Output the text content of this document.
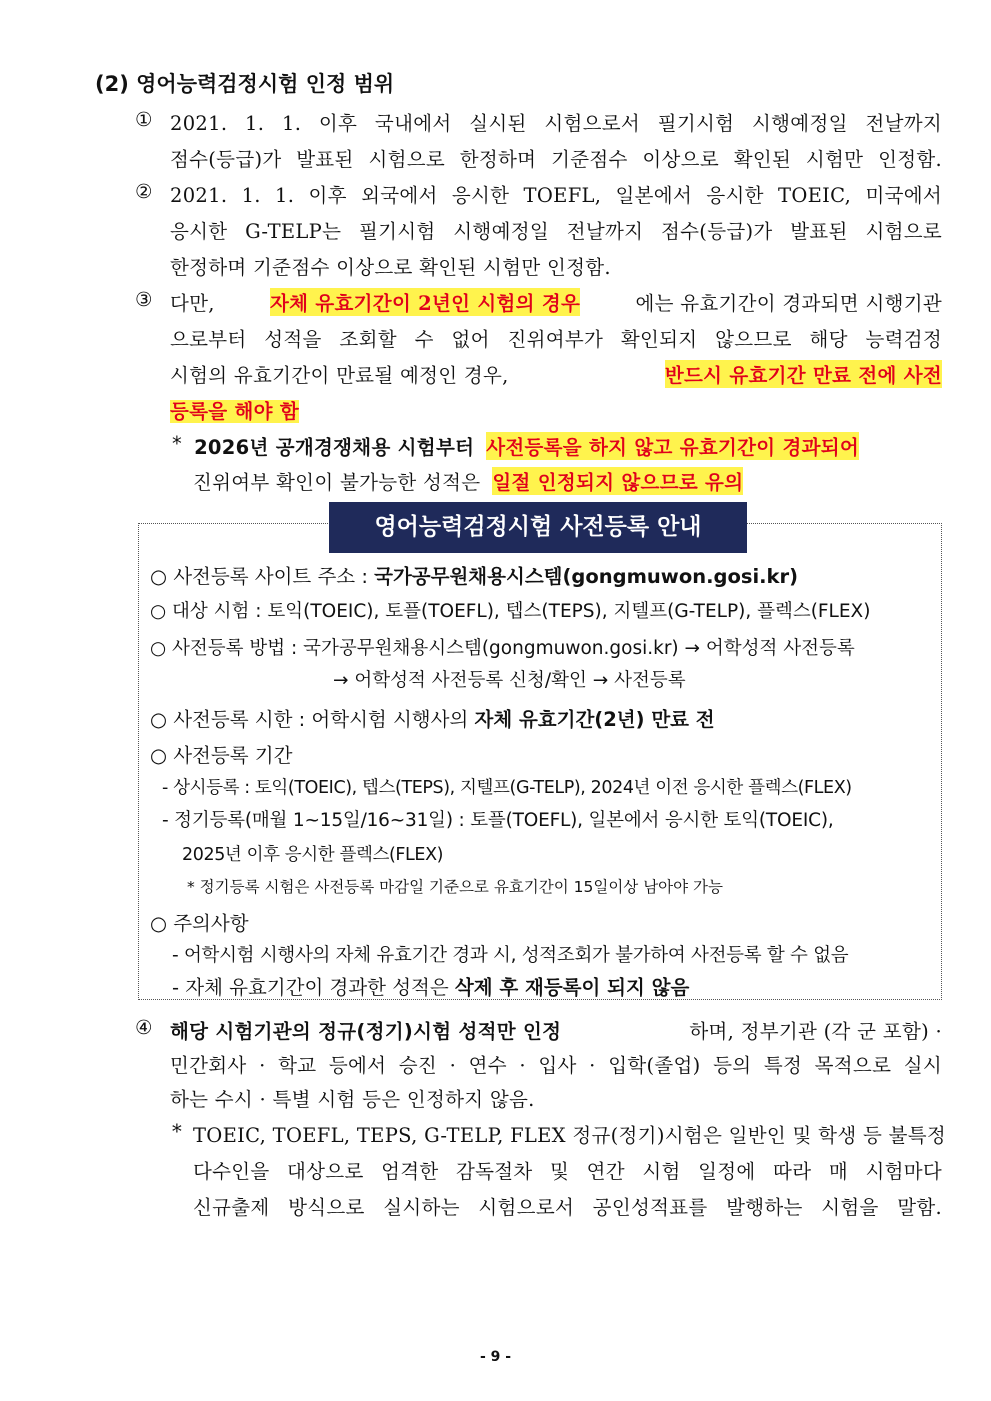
(2) 영어능력검정시험 인정 범위
① 2021. 1. 1. 이후 국내에서 실시된 시험으로서 필기시험 시행예정일 전날까지
점수(등급)가 발표된 시험으로 한정하며 기준점수 이상으로 확인된 시험만 인정함.
② 2021. 1. 1. 이후 외국에서 응시한 TOEFL, 일본에서 응시한 TOEIC, 미국에서
응시한 G-TELP는 필기시험 시행예정일 전날까지 점수(등급)가 발표된 시험으로
한정하며 기준점수 이상으로 확인된 시험만 인정함.
③ 다만,	자체 유효기간이 2년인 시험의 경우	에는 유효기간이 경과되면 시행기관
으로부터 성적을 조회할 수 없어 진위여부가 확인되지 않으므로 해당 능력검정
시험의 유효기간이 만료될 예정인 경우,	반드시 유효기간 만료 전에 사전
등록을 해야 함
* 2026년 공개경쟁채용 시험부터 사전등록을 하지 않고 유효기간이 경과되어
진위여부 확인이 불가능한 성적은 일절 인정되지 않으므로 유의
영어능력검정시험 사전등록 안내
○ 사전등록 사이트 주소 : 국가공무원채용시스템(gongmuwon.gosi.kr)
○ 대상 시험 : 토익(TOEIC), 토플(TOEFL), 텝스(TEPS), 지텔프(G-TELP), 플렉스(FLEX)
○ 사전등록 방법 : 국가공무원채용시스템(gongmuwon.gosi.kr) → 어학성적 사전등록
→ 어학성적 사전등록 신청/확인 → 사전등록
○ 사전등록 시한 : 어학시험 시행사의 자체 유효기간(2년) 만료 전
○ 사전등록 기간
- 상시등록 : 토익(TOEIC), 텝스(TEPS), 지텔프(G-TELP), 2024년 이전 응시한 플렉스(FLEX)
- 정기등록(매월 1~15일/16~31일) : 토플(TOEFL), 일본에서 응시한 토익(TOEIC),
2025년 이후 응시한 플렉스(FLEX)
* 정기등록 시험은 사전등록 마감일 기준으로 유효기간이 15일이상 남아야 가능
○ 주의사항
- 어학시험 시행사의 자체 유효기간 경과 시, 성적조회가 불가하여 사전등록 할 수 없음
- 자체 유효기간이 경과한 성적은 삭제 후 재등록이 되지 않음
④ 해당 시험기관의 정규(정기)시험 성적만 인정	하며, 정부기관 (각 군 포함) ·
민간회사 · 학교 등에서 승진 · 연수 · 입사 · 입학(졸업) 등의 특정 목적으로 실시
하는 수시 · 특별 시험 등은 인정하지 않음.
* TOEIC, TOEFL, TEPS, G-TELP, FLEX 정규(정기)시험은 일반인 및 학생 등 불특정
다수인을 대상으로 엄격한 감독절차 및 연간 시험 일정에 따라 매 시험마다
신규출제 방식으로 실시하는 시험으로서 공인성적표를 발행하는 시험을 말함.
- 9 -
